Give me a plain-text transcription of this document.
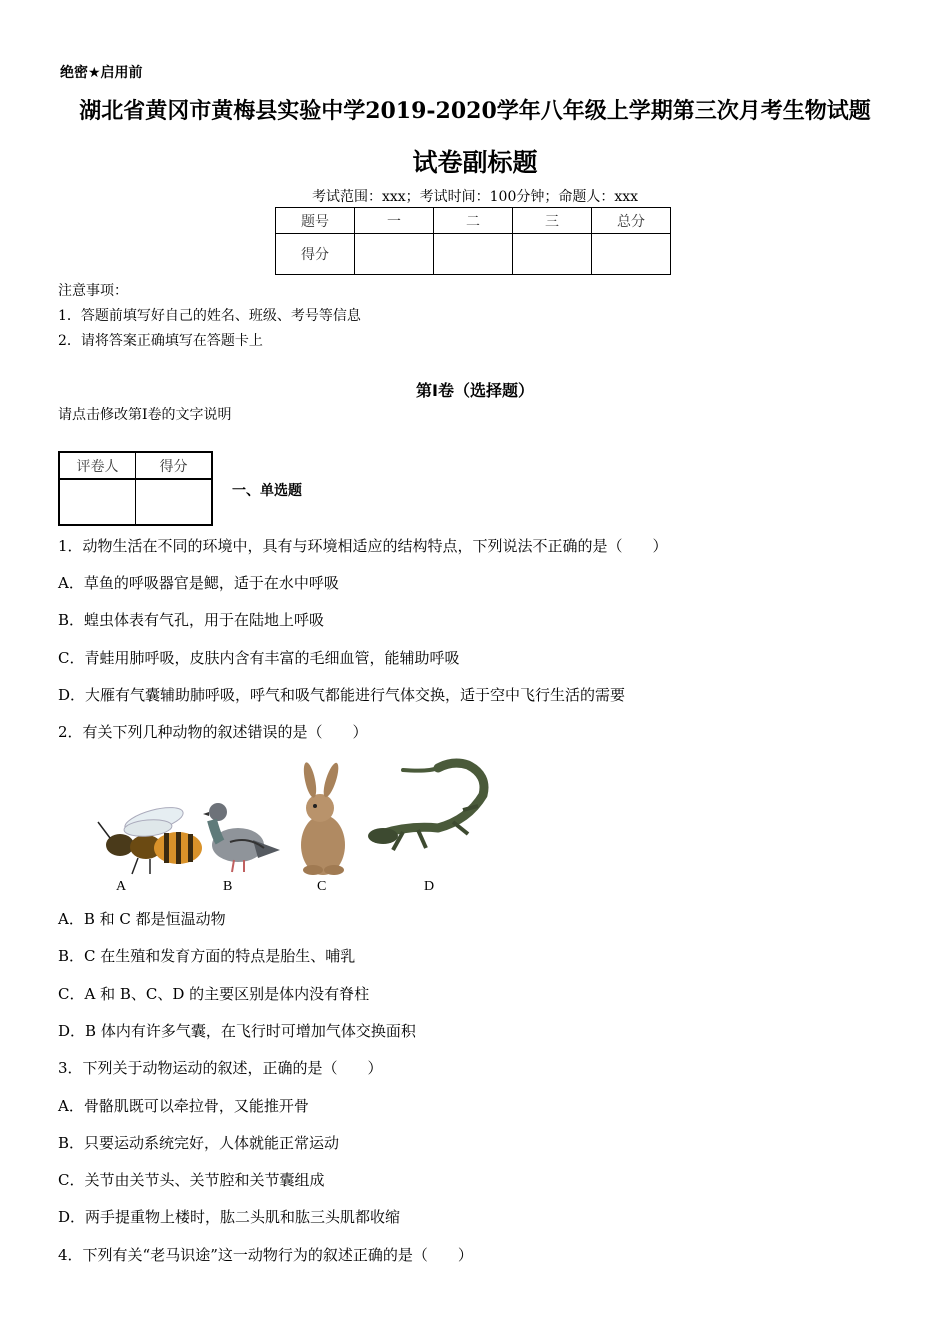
绝密★启用前
湖北省黄冈市黄梅县实验中学2019-2020学年八年级上学期第三次月考生物试题
试卷副标题
考试范围：xxx；考试时间：100分钟；命题人：xxx
题号	一	二	三	总分
得分				
注意事项：
1．答题前填写好自己的姓名、班级、考号等信息
2．请将答案正确填写在答题卡上
第I卷（选择题）
请点击修改第I卷的文字说明
评卷人	得分

一、单选题
1．动物生活在不同的环境中，具有与环境相适应的结构特点，下列说法不正确的是（　　）
A．草鱼的呼吸器官是鳃，适于在水中呼吸
B．蝗虫体表有气孔，用于在陆地上呼吸
C．青蛙用肺呼吸，皮肤内含有丰富的毛细血管，能辅助呼吸
D．大雁有气囊辅助肺呼吸，呼气和吸气都能进行气体交换，适于空中飞行生活的需要
2．有关下列几种动物的叙述错误的是（　　）
A	B	C	D
A．B 和 C 都是恒温动物
B．C 在生殖和发育方面的特点是胎生、哺乳
C．A 和 B、C、D 的主要区别是体内没有脊柱
D．B 体内有许多气囊，在飞行时可增加气体交换面积
3．下列关于动物运动的叙述，正确的是（　　）
A．骨骼肌既可以牵拉骨，又能推开骨
B．只要运动系统完好，人体就能正常运动
C．关节由关节头、关节腔和关节囊组成
D．两手提重物上楼时，肱二头肌和肱三头肌都收缩
4．下列有关“老马识途”这一动物行为的叙述正确的是（　　）
